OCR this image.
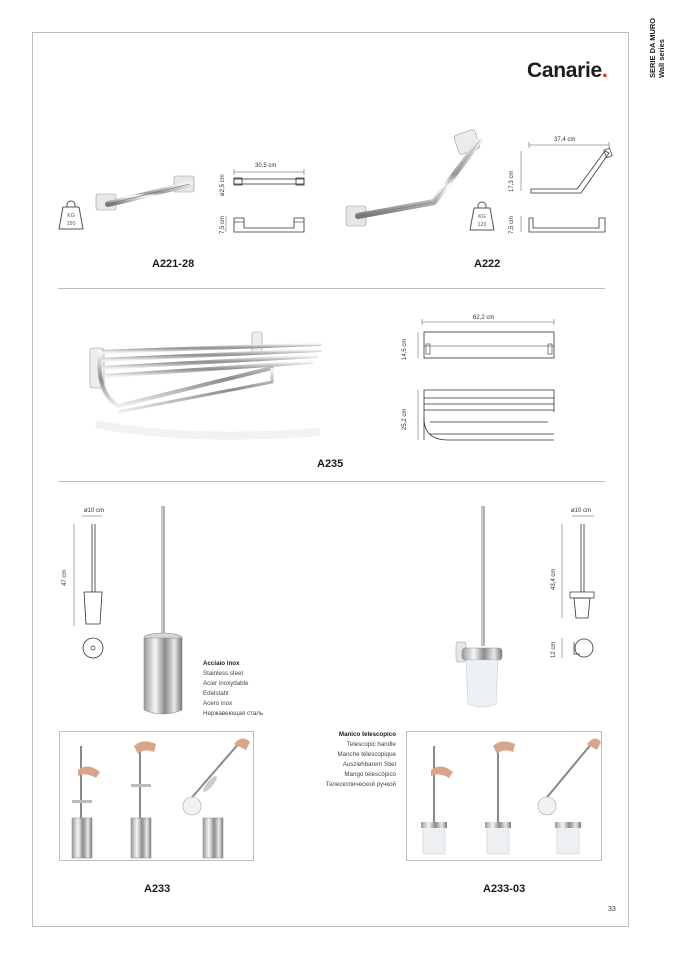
SERIE DA MURO Wall series
Canarie.
KG
150
30,5 cm
ø2,5 cm
7,5 cm
A221-28
KG
120
37,4 cm
17,3 cm
7,5 cm
A222
62,2 cm
14,5 cm
25,2 cm
A235
ø10 cm
47 cm
Acciaio inox
Stainless steel
Acier inoxydable
Edelstahl
Acero inox
Нержавеющая сталь
A233
ø10 cm
43,4 cm
12 cm
Manico telescopico
Telescopic handle
Manche télescopique
Ausziehbarem Stiel
Mango telescópico
Телескопической ручкой
A233-03
33
